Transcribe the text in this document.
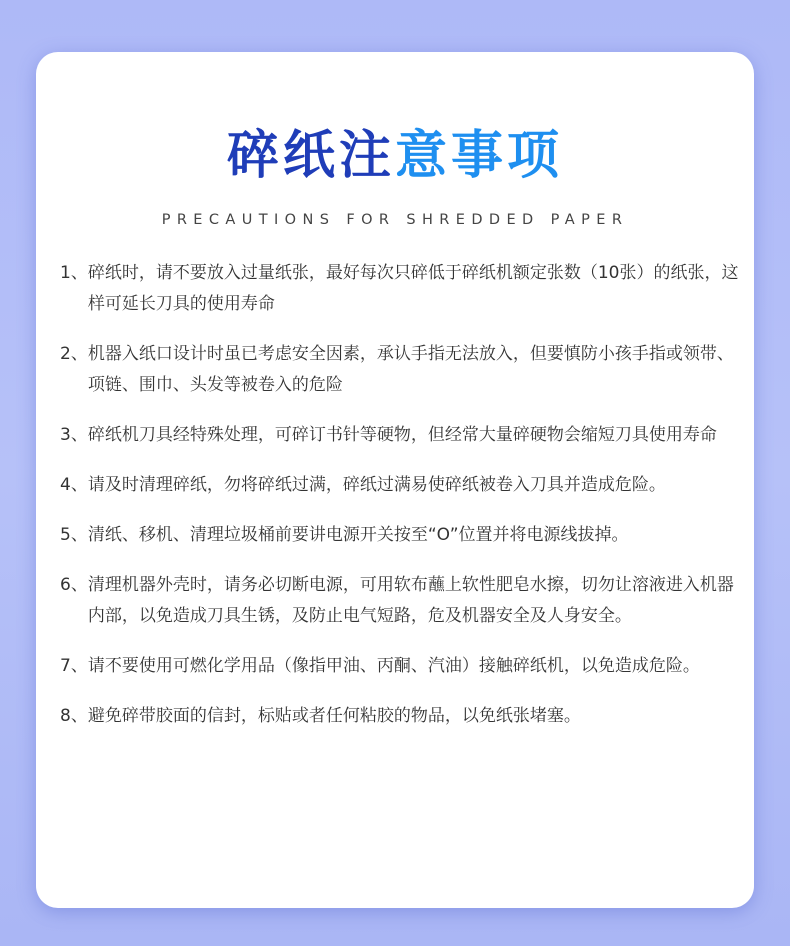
碎纸注意事项
PRECAUTIONS FOR SHREDDED PAPER
1、 碎纸时，请不要放入过量纸张，最好每次只碎低于碎纸机额定张数（10张）的纸张，这样可延长刀具的使用寿命
2、 机器入纸口设计时虽已考虑安全因素，承认手指无法放入，但要慎防小孩手指或领带、项链、围巾、头发等被卷入的危险
3、 碎纸机刀具经特殊处理，可碎订书针等硬物，但经常大量碎硬物会缩短刀具使用寿命
4、 请及时清理碎纸，勿将碎纸过满，碎纸过满易使碎纸被卷入刀具并造成危险。
5、 清纸、移机、清理垃圾桶前要讲电源开关按至“O”位置并将电源线拔掉。
6、 清理机器外壳时，请务必切断电源，可用软布蘸上软性肥皂水擦，切勿让溶液进入机器内部，以免造成刀具生锈，及防止电气短路，危及机器安全及人身安全。
7、 请不要使用可燃化学用品（像指甲油、丙酮、汽油）接触碎纸机，以免造成危险。
8、 避免碎带胶面的信封，标贴或者任何粘胶的物品，以免纸张堵塞。
